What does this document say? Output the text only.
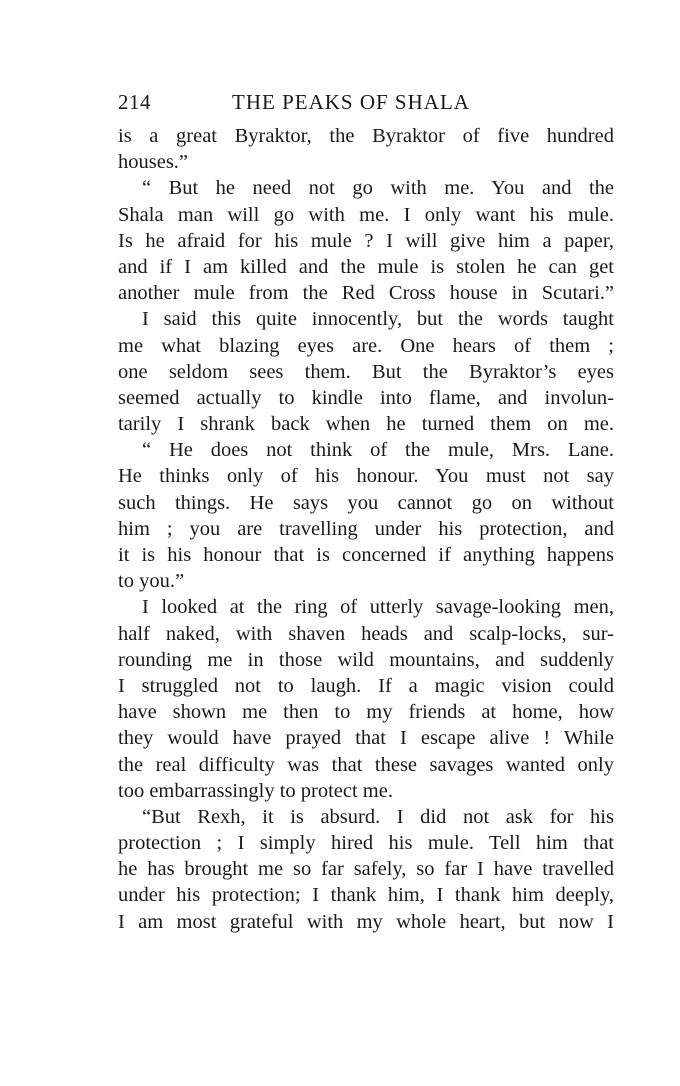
214	THE PEAKS OF SHALA
is a great Byraktor, the Byraktor of five hundred
houses.”
“ But he need not go with me. You and the
Shala man will go with me. I only want his mule.
Is he afraid for his mule ? I will give him a paper,
and if I am killed and the mule is stolen he can get
another mule from the Red Cross house in Scutari.”
I said this quite innocently, but the words taught
me what blazing eyes are. One hears of them ;
one seldom sees them. But the Byraktor’s eyes
seemed actually to kindle into flame, and involun-
tarily I shrank back when he turned them on me.
“ He does not think of the mule, Mrs. Lane.
He thinks only of his honour. You must not say
such things. He says you cannot go on without
him ; you are travelling under his protection, and
it is his honour that is concerned if anything happens
to you.”
I looked at the ring of utterly savage-looking men,
half naked, with shaven heads and scalp-locks, sur-
rounding me in those wild mountains, and suddenly
I struggled not to laugh. If a magic vision could
have shown me then to my friends at home, how
they would have prayed that I escape alive ! While
the real difficulty was that these savages wanted only
too embarrassingly to protect me.
“But Rexh, it is absurd. I did not ask for his
protection ; I simply hired his mule. Tell him that
he has brought me so far safely, so far I have travelled
under his protection; I thank him, I thank him deeply,
I am most grateful with my whole heart, but now I
